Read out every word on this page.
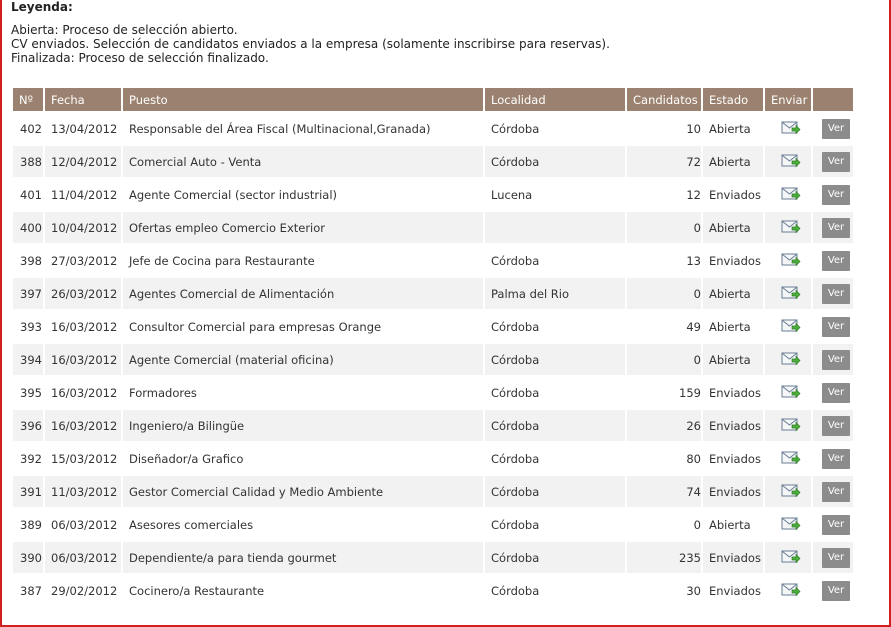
Leyenda:
Abierta: Proceso de selección abierto.
CV enviados. Selección de candidatos enviados a la empresa (solamente inscribirse para reservas).
Finalizada: Proceso de selección finalizado.
Nº	Fecha	Puesto	Localidad	Candidatos	Estado	Enviar	
402	13/04/2012	Responsable del Área Fiscal (Multinacional,Granada)	Córdoba	10	Abierta		Ver
388	12/04/2012	Comercial Auto - Venta	Córdoba	72	Abierta		Ver
401	11/04/2012	Agente Comercial (sector industrial)	Lucena	12	Enviados		Ver
400	10/04/2012	Ofertas empleo Comercio Exterior		0	Abierta		Ver
398	27/03/2012	Jefe de Cocina para Restaurante	Córdoba	13	Enviados		Ver
397	26/03/2012	Agentes Comercial de Alimentación	Palma del Rio	0	Abierta		Ver
393	16/03/2012	Consultor Comercial para empresas Orange	Córdoba	49	Abierta		Ver
394	16/03/2012	Agente Comercial (material oficina)	Córdoba	0	Abierta		Ver
395	16/03/2012	Formadores	Córdoba	159	Enviados		Ver
396	16/03/2012	Ingeniero/a Bilingüe	Córdoba	26	Enviados		Ver
392	15/03/2012	Diseñador/a Grafico	Córdoba	80	Enviados		Ver
391	11/03/2012	Gestor Comercial Calidad y Medio Ambiente	Córdoba	74	Enviados		Ver
389	06/03/2012	Asesores comerciales	Córdoba	0	Abierta		Ver
390	06/03/2012	Dependiente/a para tienda gourmet	Córdoba	235	Enviados		Ver
387	29/02/2012	Cocinero/a Restaurante	Córdoba	30	Enviados		Ver
